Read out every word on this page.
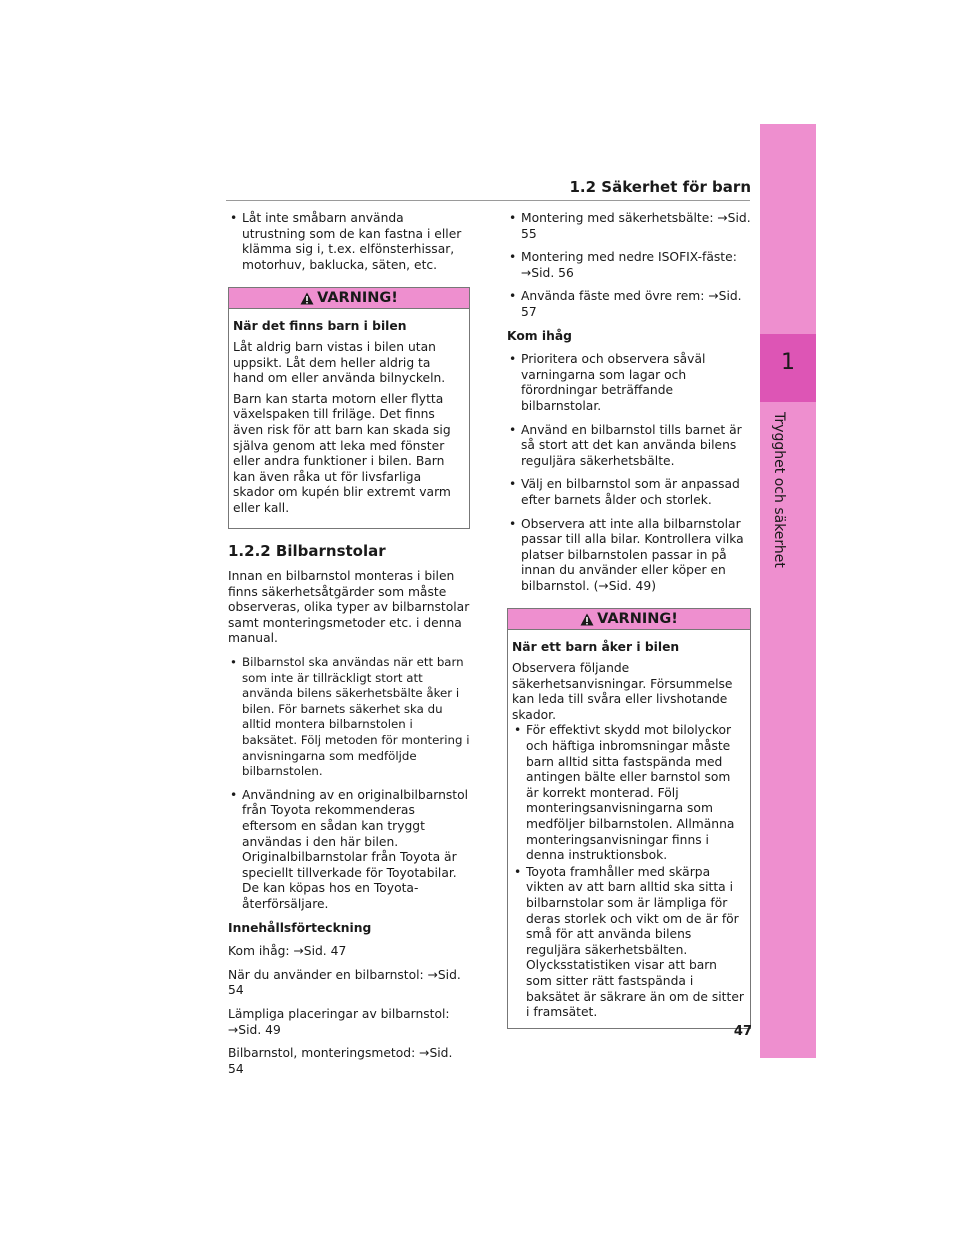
1.2 Säkerhet för barn
1
Trygghet och säkerhet
• Låt inte småbarn använda utrustning som de kan fastna i eller klämma sig i, t.ex. elfönsterhissar, motorhuv, baklucka, säten, etc.
VARNING!

När det finns barn i bilen

Låt aldrig barn vistas i bilen utan uppsikt. Låt dem heller aldrig ta hand om eller använda bilnyckeln.

Barn kan starta motorn eller flytta växelspaken till friläge. Det finns även risk för att barn kan skada sig själva genom att leka med fönster eller andra funktioner i bilen. Barn kan även råka ut för livsfarliga skador om kupén blir extremt varm eller kall.

1.2.2 Bilbarnstolar

Innan en bilbarnstol monteras i bilen finns säkerhetsåtgärder som måste observeras, olika typer av bilbarnstolar samt monteringsmetoder etc. i denna manual.

• Bilbarnstol ska användas när ett barn som inte är tillräckligt stort att använda bilens säkerhetsbälte åker i bilen. För barnets säkerhet ska du alltid montera bilbarnstolen i baksätet. Följ metoden för montering i anvisningarna som medföljde bilbarnstolen.
• Användning av en originalbilbarnstol från Toyota rekommenderas eftersom en sådan kan tryggt användas i den här bilen. Originalbilbarnstolar från Toyota är speciellt tillverkade för Toyotabilar. De kan köpas hos en Toyota-återförsäljare.

Innehållsförteckning

Kom ihåg: →Sid. 47

När du använder en bilbarnstol: →Sid. 54

Lämpliga placeringar av bilbarnstol: →Sid. 49

Bilbarnstol, monteringsmetod: →Sid. 54

• Montering med säkerhetsbälte: →Sid. 55
• Montering med nedre ISOFIX-fäste: →Sid. 56
• Använda fäste med övre rem: →Sid. 57

Kom ihåg

• Prioritera och observera såväl varningarna som lagar och förordningar beträffande bilbarnstolar.
• Använd en bilbarnstol tills barnet är så stort att det kan använda bilens reguljära säkerhetsbälte.
• Välj en bilbarnstol som är anpassad efter barnets ålder och storlek.
• Observera att inte alla bilbarnstolar passar till alla bilar. Kontrollera vilka platser bilbarnstolen passar in på innan du använder eller köper en bilbarnstol. (→Sid. 49)
VARNING!

När ett barn åker i bilen

Observera följande säkerhetsanvisningar. Försummelse kan leda till svåra eller livshotande skador.

• För effektivt skydd mot bilolyckor och häftiga inbromsningar måste barn alltid sitta fastspända med antingen bälte eller barnstol som är korrekt monterad. Följ monteringsanvisningarna som medföljer bilbarnstolen. Allmänna monteringsanvisningar finns i denna instruktionsbok.
• Toyota framhåller med skärpa vikten av att barn alltid ska sitta i bilbarnstolar som är lämpliga för deras storlek och vikt om de är för små för att använda bilens reguljära säkerhetsbälten. Olycksstatistiken visar att barn som sitter rätt fastspända i baksätet är säkrare än om de sitter i framsätet.
47
